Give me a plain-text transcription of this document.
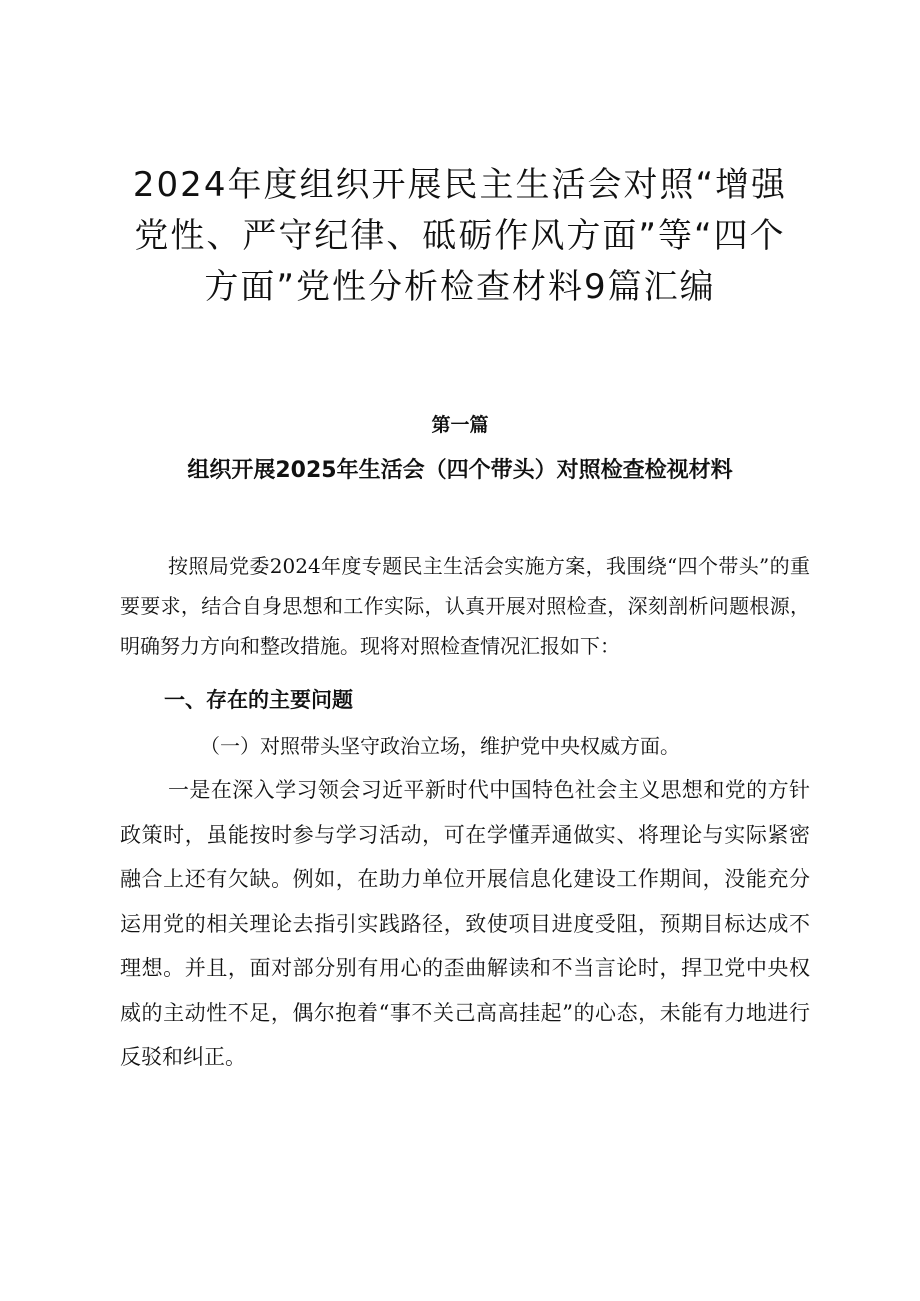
2024年度组织开展民主生活会对照“增强党性、严守纪律、砥砺作风方面”等“四个方面”党性分析检查材料9篇汇编

第一篇

组织开展2025年生活会（四个带头）对照检查检视材料

按照局党委2024年度专题民主生活会实施方案，我围绕“四个带头”的重要要求，结合自身思想和工作实际，认真开展对照检查，深刻剖析问题根源，明确努力方向和整改措施。现将对照检查情况汇报如下：

一、存在的主要问题

（一）对照带头坚守政治立场，维护党中央权威方面。

一是在深入学习领会习近平新时代中国特色社会主义思想和党的方针政策时，虽能按时参与学习活动，可在学懂弄通做实、将理论与实际紧密融合上还有欠缺。例如，在助力单位开展信息化建设工作期间，没能充分运用党的相关理论去指引实践路径，致使项目进度受阻，预期目标达成不理想。并且，面对部分别有用心的歪曲解读和不当言论时，捍卫党中央权威的主动性不足，偶尔抱着“事不关己高高挂起”的心态，未能有力地进行反驳和纠正。
